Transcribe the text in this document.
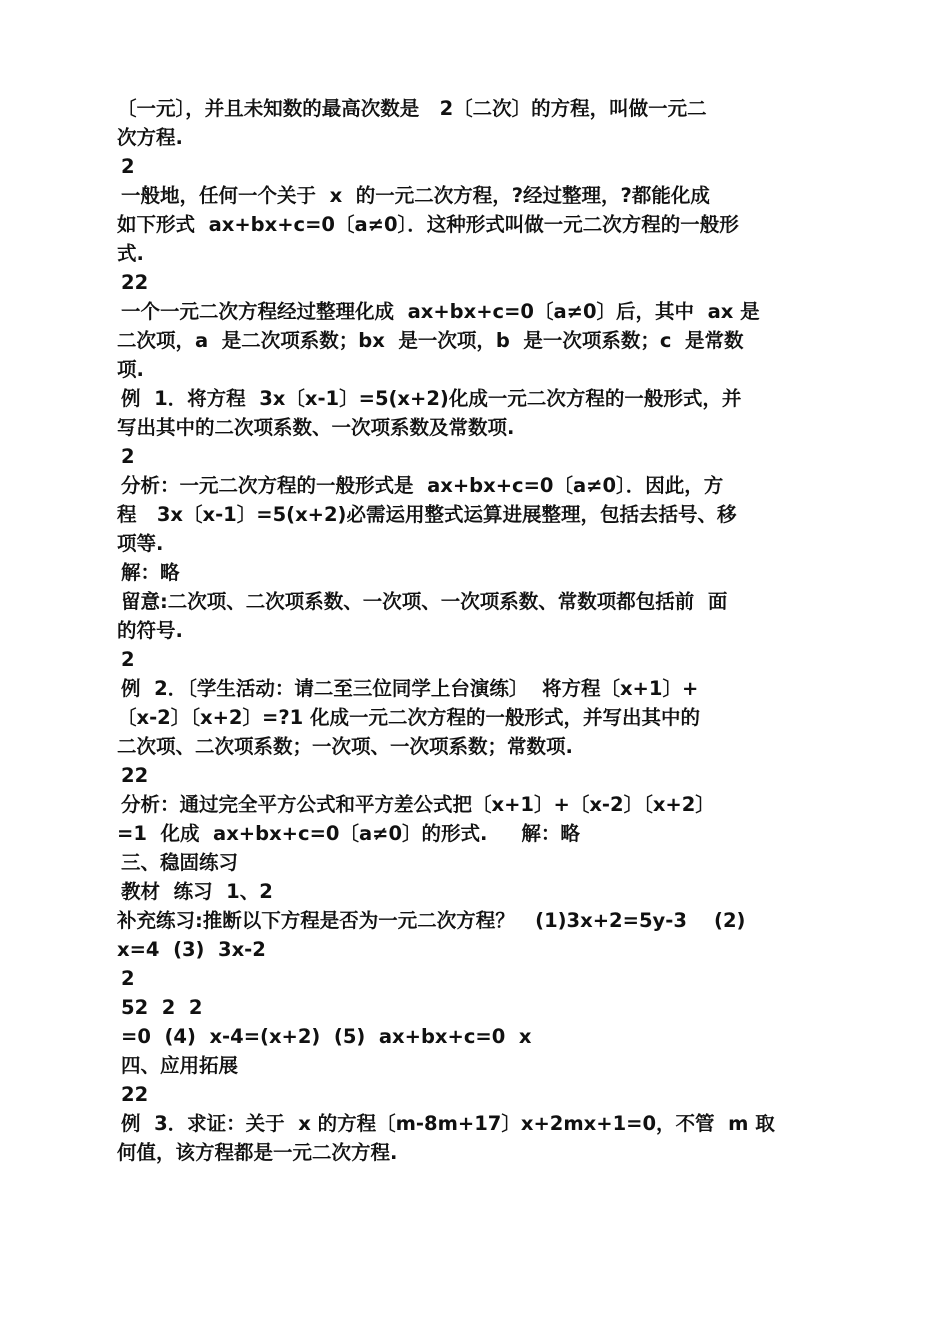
〔一元〕，并且未知数的最高次数是   2〔二次〕的方程，叫做一元二
次方程.
2
一般地，任何一个关于  x  的一元二次方程，?经过整理，?都能化成
如下形式  ax+bx+c=0〔a≠0〕．这种形式叫做一元二次方程的一般形
式.
22
一个一元二次方程经过整理化成  ax+bx+c=0〔a≠0〕后，其中  ax 是
二次项，a  是二次项系数；bx  是一次项，b  是一次项系数；c  是常数
项.
例  1．将方程  3x〔x-1〕=5(x+2)化成一元二次方程的一般形式，并
写出其中的二次项系数、一次项系数及常数项.
2
分析：一元二次方程的一般形式是  ax+bx+c=0〔a≠0〕．因此，方
程   3x〔x-1〕=5(x+2)必需运用整式运算进展整理，包括去括号、移
项等.
解：略
留意:二次项、二次项系数、一次项、一次项系数、常数项都包括前  面
的符号.
2
例  2．〔学生活动：请二至三位同学上台演练〕  将方程〔x+1〕+
〔x-2〕〔x+2〕=?1 化成一元二次方程的一般形式，并写出其中的
二次项、二次项系数；一次项、一次项系数；常数项.
22
分析：通过完全平方公式和平方差公式把〔x+1〕+〔x-2〕〔x+2〕
=1  化成  ax+bx+c=0〔a≠0〕的形式.     解：略
三、稳固练习
教材  练习  1、2
补充练习:推断以下方程是否为一元二次方程？   (1)3x+2=5y-3    (2)
x=4  (3)  3x-2
2
52  2  2
=0  (4)  x-4=(x+2)  (5)  ax+bx+c=0  x
四、应用拓展
22
例  3．求证：关于  x 的方程〔m-8m+17〕x+2mx+1=0，不管  m 取
何值，该方程都是一元二次方程.
